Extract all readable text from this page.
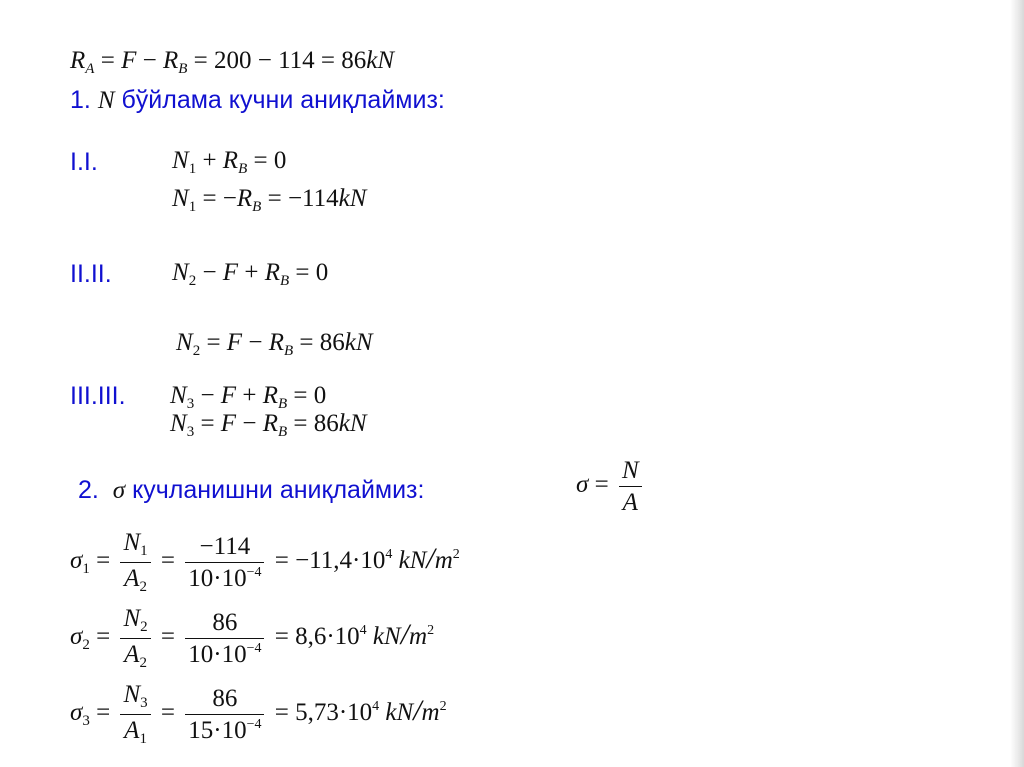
$R_A = F - R_B = 200 - 114 = 86kN$
1. N бўйлама кучни аниқлаймиз:
I.I.	$N_1 + R_B = 0$
$N_1 = -R_B = -114kN$
II.II. $N_2 - F + R_B = 0$
$N_2 = F - R_B = 86kN$
III.III. $N_3 - F + R_B = 0$
$N_3 = F - R_B = 86kN$
2. σ кучланишни аниқлаймиз:	$\sigma = \frac{N}{A}$
$\sigma_1 = \frac{N_1}{A_2} = \frac{-114}{10\cdot 10^{-4}} = -11,4\cdot 10^4$ $kN/m^2$
$\sigma_2 = \frac{N_2}{A_2} = \frac{86}{10\cdot 10^{-4}} = 8,6\cdot 10^4$ $kN/m^2$
$\sigma_3 = \frac{N_3}{A_1} = \frac{86}{15\cdot 10^{-4}} = 5,73\cdot 10^4$ $kN/m^2$
